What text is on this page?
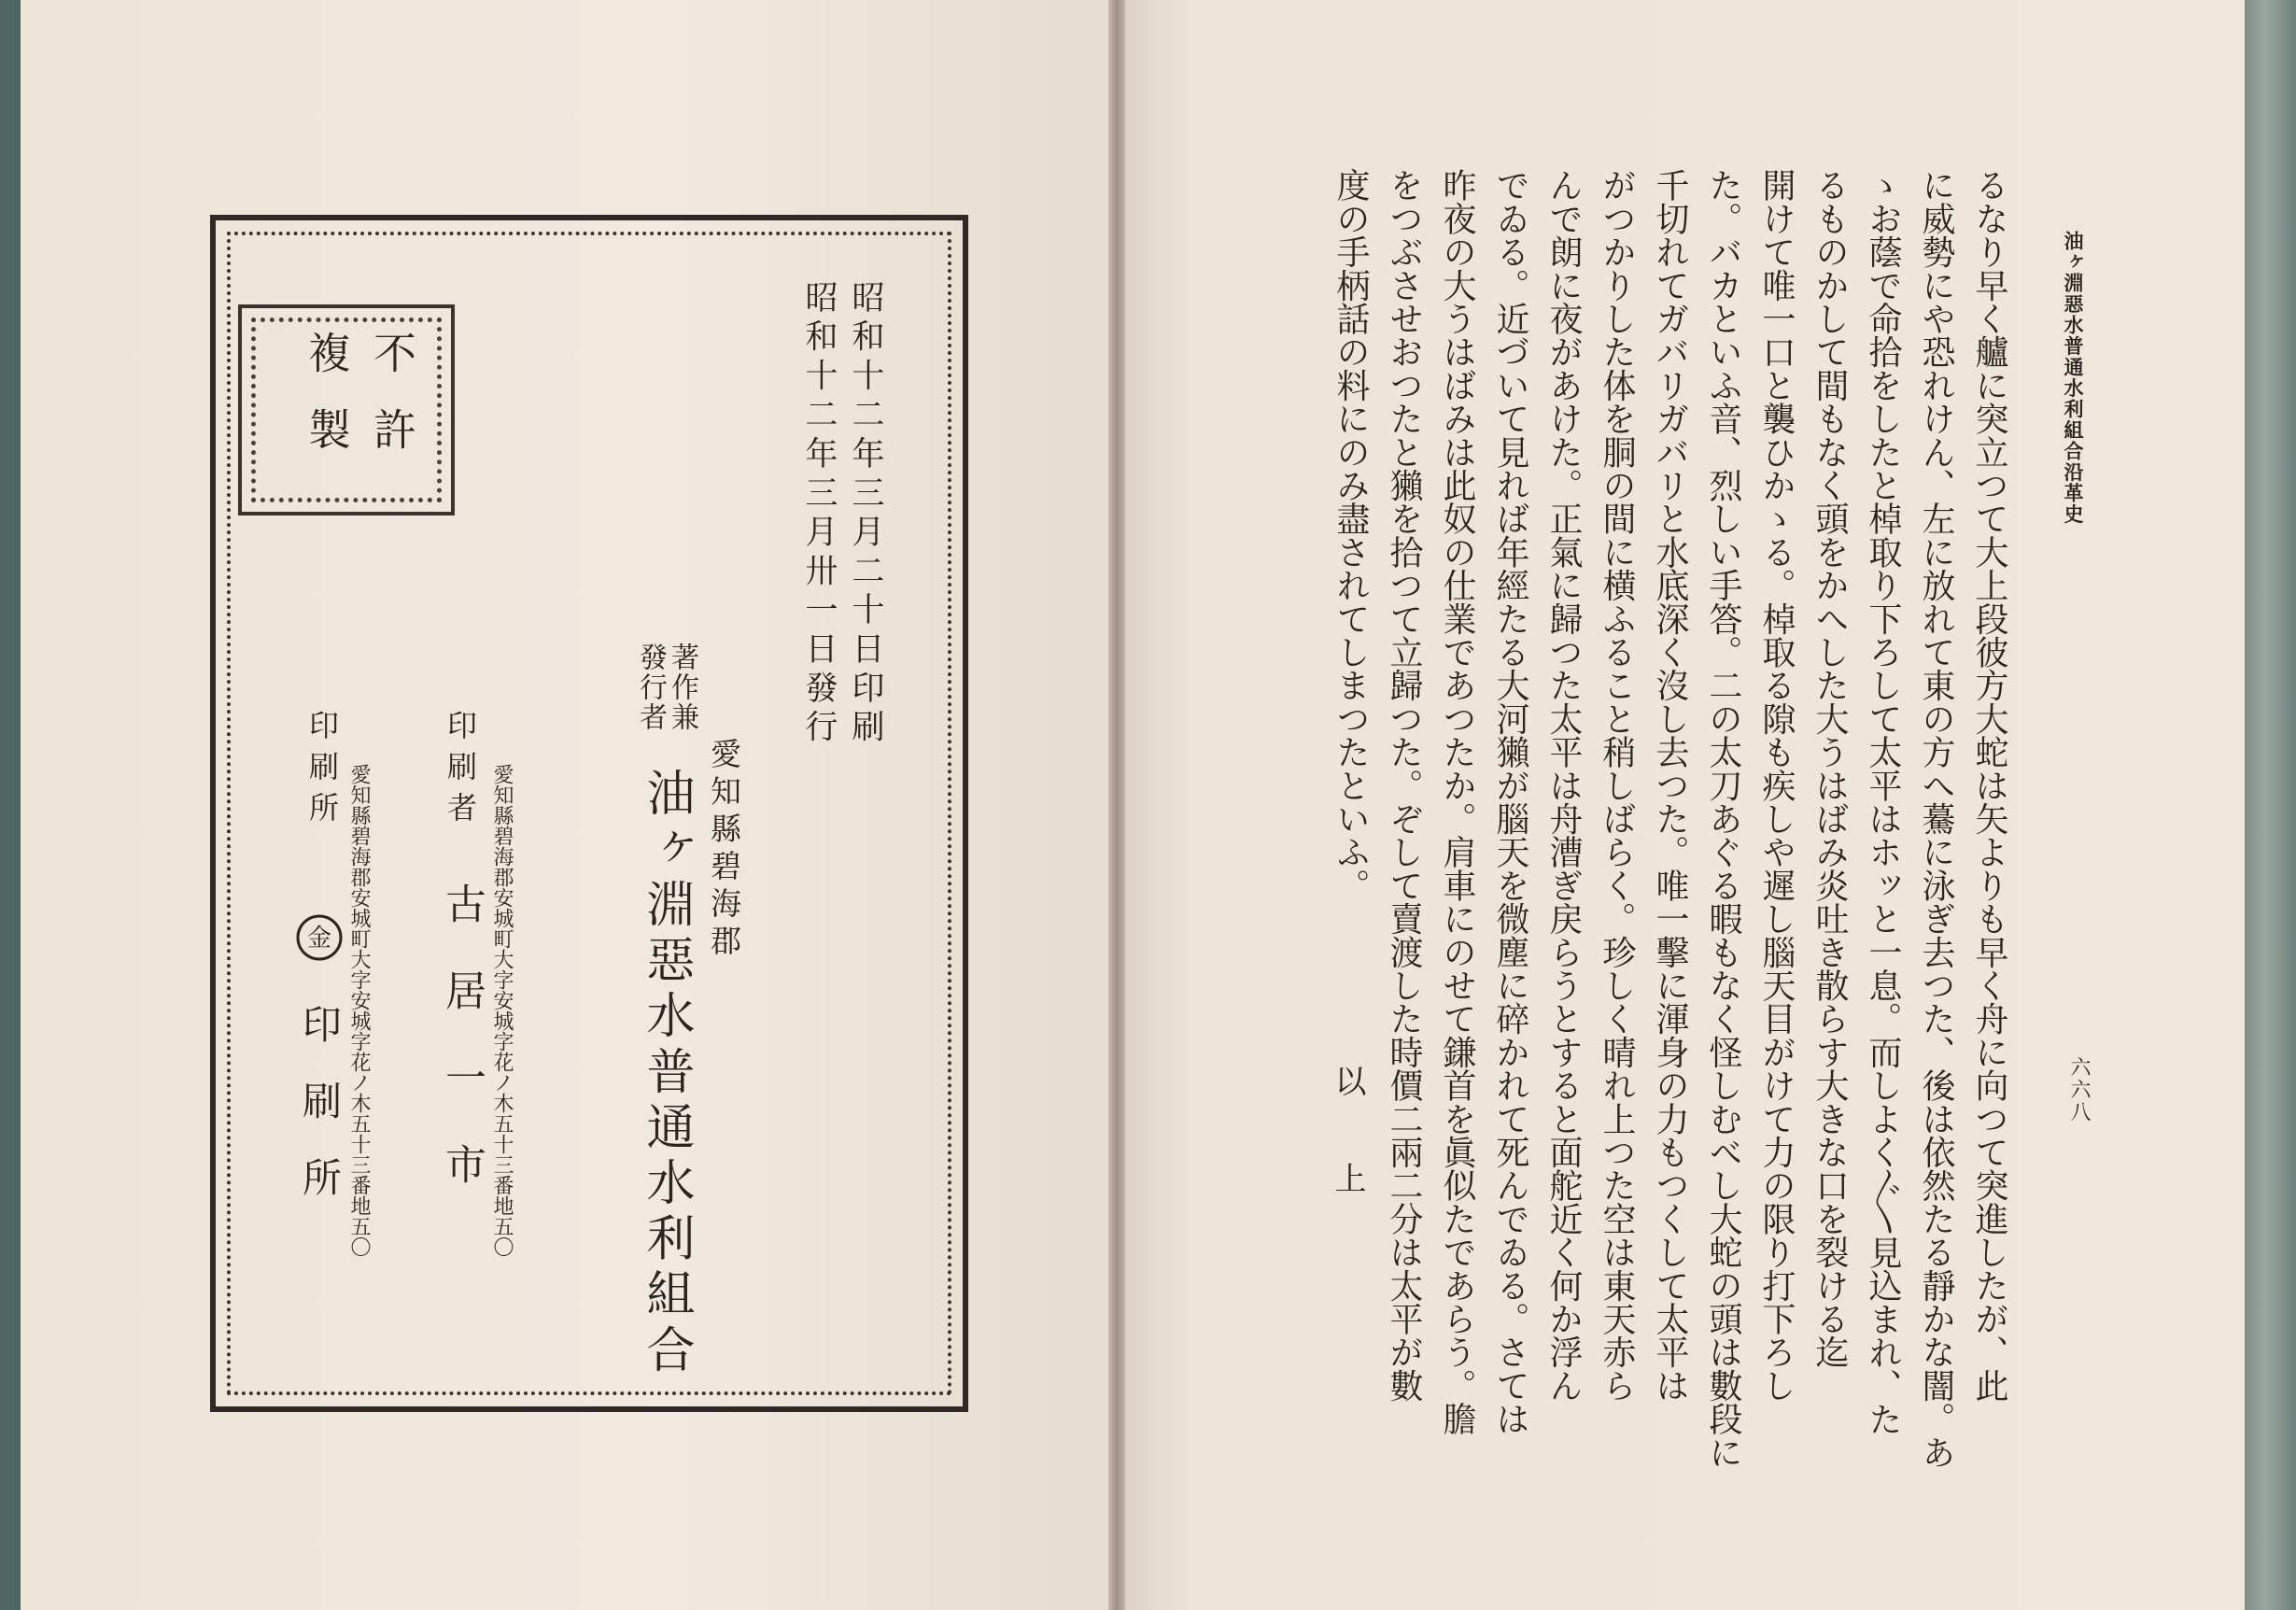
不許
複製	昭和十二年三月二十日印刷

昭和十二年三月卅一日發行

愛知縣碧海郡

著作兼

發行者

油ヶ淵惡水普通水利組合

愛知縣碧海郡安城町大字安城字花ノ木五十三番地五〇

印刷者

古居一市

印刷所 愛知縣碧海郡安城町大字安城字花ノ木五十三番地五〇

金

印刷所

油ヶ淵惡水普通水利組合沿革史

六六八

るなり早く艫に突立つて大上段彼方大蛇は矢よりも早く舟に向つて突進したが、此

に威勢にや恐れけん、左に放れて東の方へ驀に泳ぎ去つた、後は依然たる靜かな闇。あ

ゝお蔭で命拾をしたと棹取り下ろして太平はホッと一息。而しよく〲見込まれ、た

るものかして間もなく頭をかへした大うはばみ炎吐き散らす大きな口を裂ける迄

開けて唯一口と襲ひかゝる。棹取る隙も疾しや遲し腦天目がけて力の限り打下ろし

た。バカといふ音、烈しい手答。二の太刀あぐる暇もなく怪しむべし大蛇の頭は數段に

千切れてガバリガバリと水底深く沒し去つた。唯一擊に渾身の力もつくして太平は

がつかりした体を胴の間に横ふること稍しばらく。珍しく晴れ上つた空は東天赤ら

んで朗に夜があけた。正氣に歸つた太平は舟漕ぎ戻らうとすると面舵近く何か浮ん

でゐる。近づいて見れば年經たる大河獺が腦天を微塵に碎かれて死んでゐる。さては

昨夜の大うはばみは此奴の仕業であつたか。肩車にのせて鎌首を眞似たであらう。膽

をつぶさせおつたと獺を拾つて立歸つた。ぞして賣渡した時價二兩二分は太平が數

度の手柄話の料にのみ盡されてしまつたといふ。

以上
